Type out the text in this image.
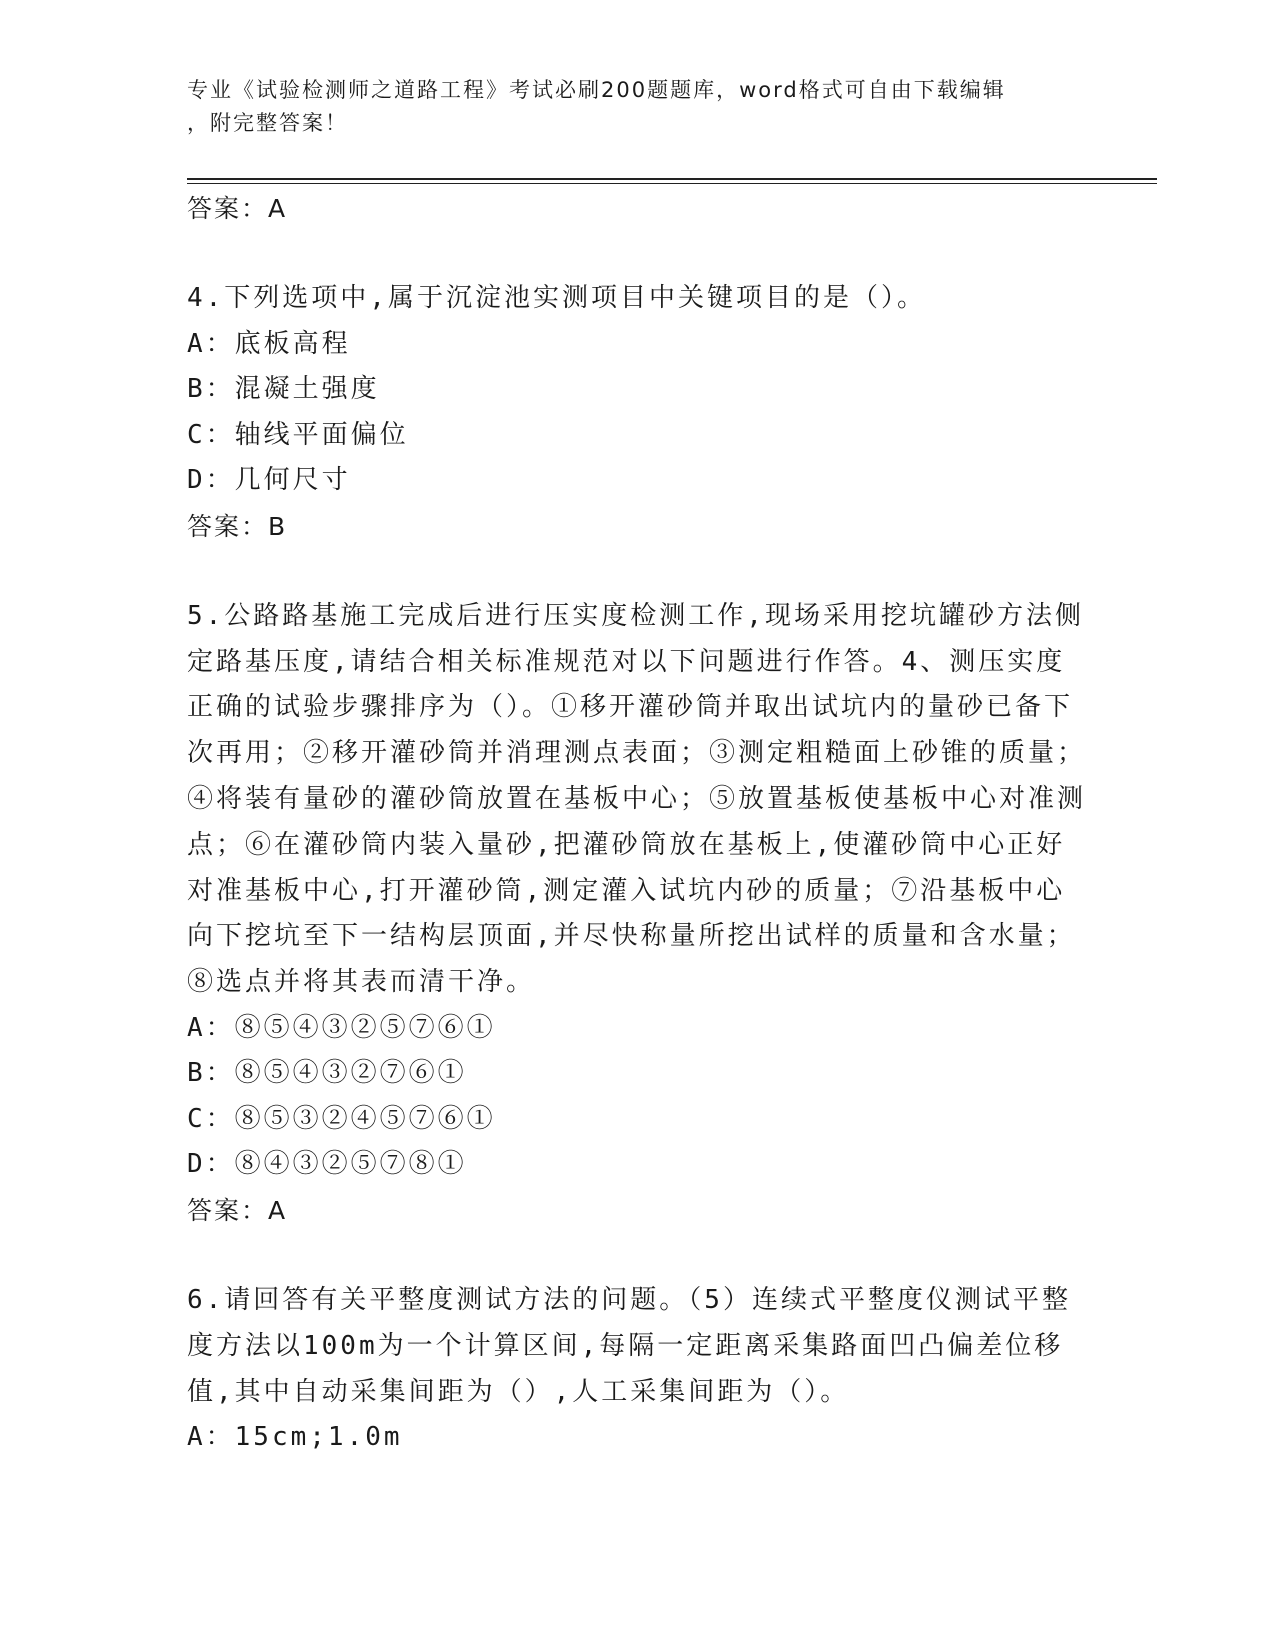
专业《试验检测师之道路工程》考试必刷200题题库，word格式可自由下载编辑
，附完整答案！
答案：A
4.下列选项中,属于沉淀池实测项目中关键项目的是（）。
A：底板高程
B：混凝土强度
C：轴线平面偏位
D：几何尺寸
答案：B
5.公路路基施工完成后进行压实度检测工作,现场采用挖坑罐砂方法侧定路基压度,请结合相关标准规范对以下问题进行作答。4、测压实度正确的试验步骤排序为（）。①移开灌砂筒并取出试坑内的量砂已备下次再用；②移开灌砂筒并消理测点表面；③测定粗糙面上砂锥的质量；④将装有量砂的灌砂筒放置在基板中心；⑤放置基板使基板中心对准测点；⑥在灌砂筒内装入量砂,把灌砂筒放在基板上,使灌砂筒中心正好对准基板中心,打开灌砂筒,测定灌入试坑内砂的质量；⑦沿基板中心向下挖坑至下一结构层顶面,并尽快称量所挖出试样的质量和含水量；⑧选点并将其表而清干净。
A：⑧⑤④③②⑤⑦⑥①
B：⑧⑤④③②⑦⑥①
C：⑧⑤③②④⑤⑦⑥①
D：⑧④③②⑤⑦⑧①
答案：A
6.请回答有关平整度测试方法的问题。（5）连续式平整度仪测试平整度方法以100m为一个计算区间,每隔一定距离采集路面凹凸偏差位移值,其中自动采集间距为（）,人工采集间距为（）。
A：15cm;1.0m
